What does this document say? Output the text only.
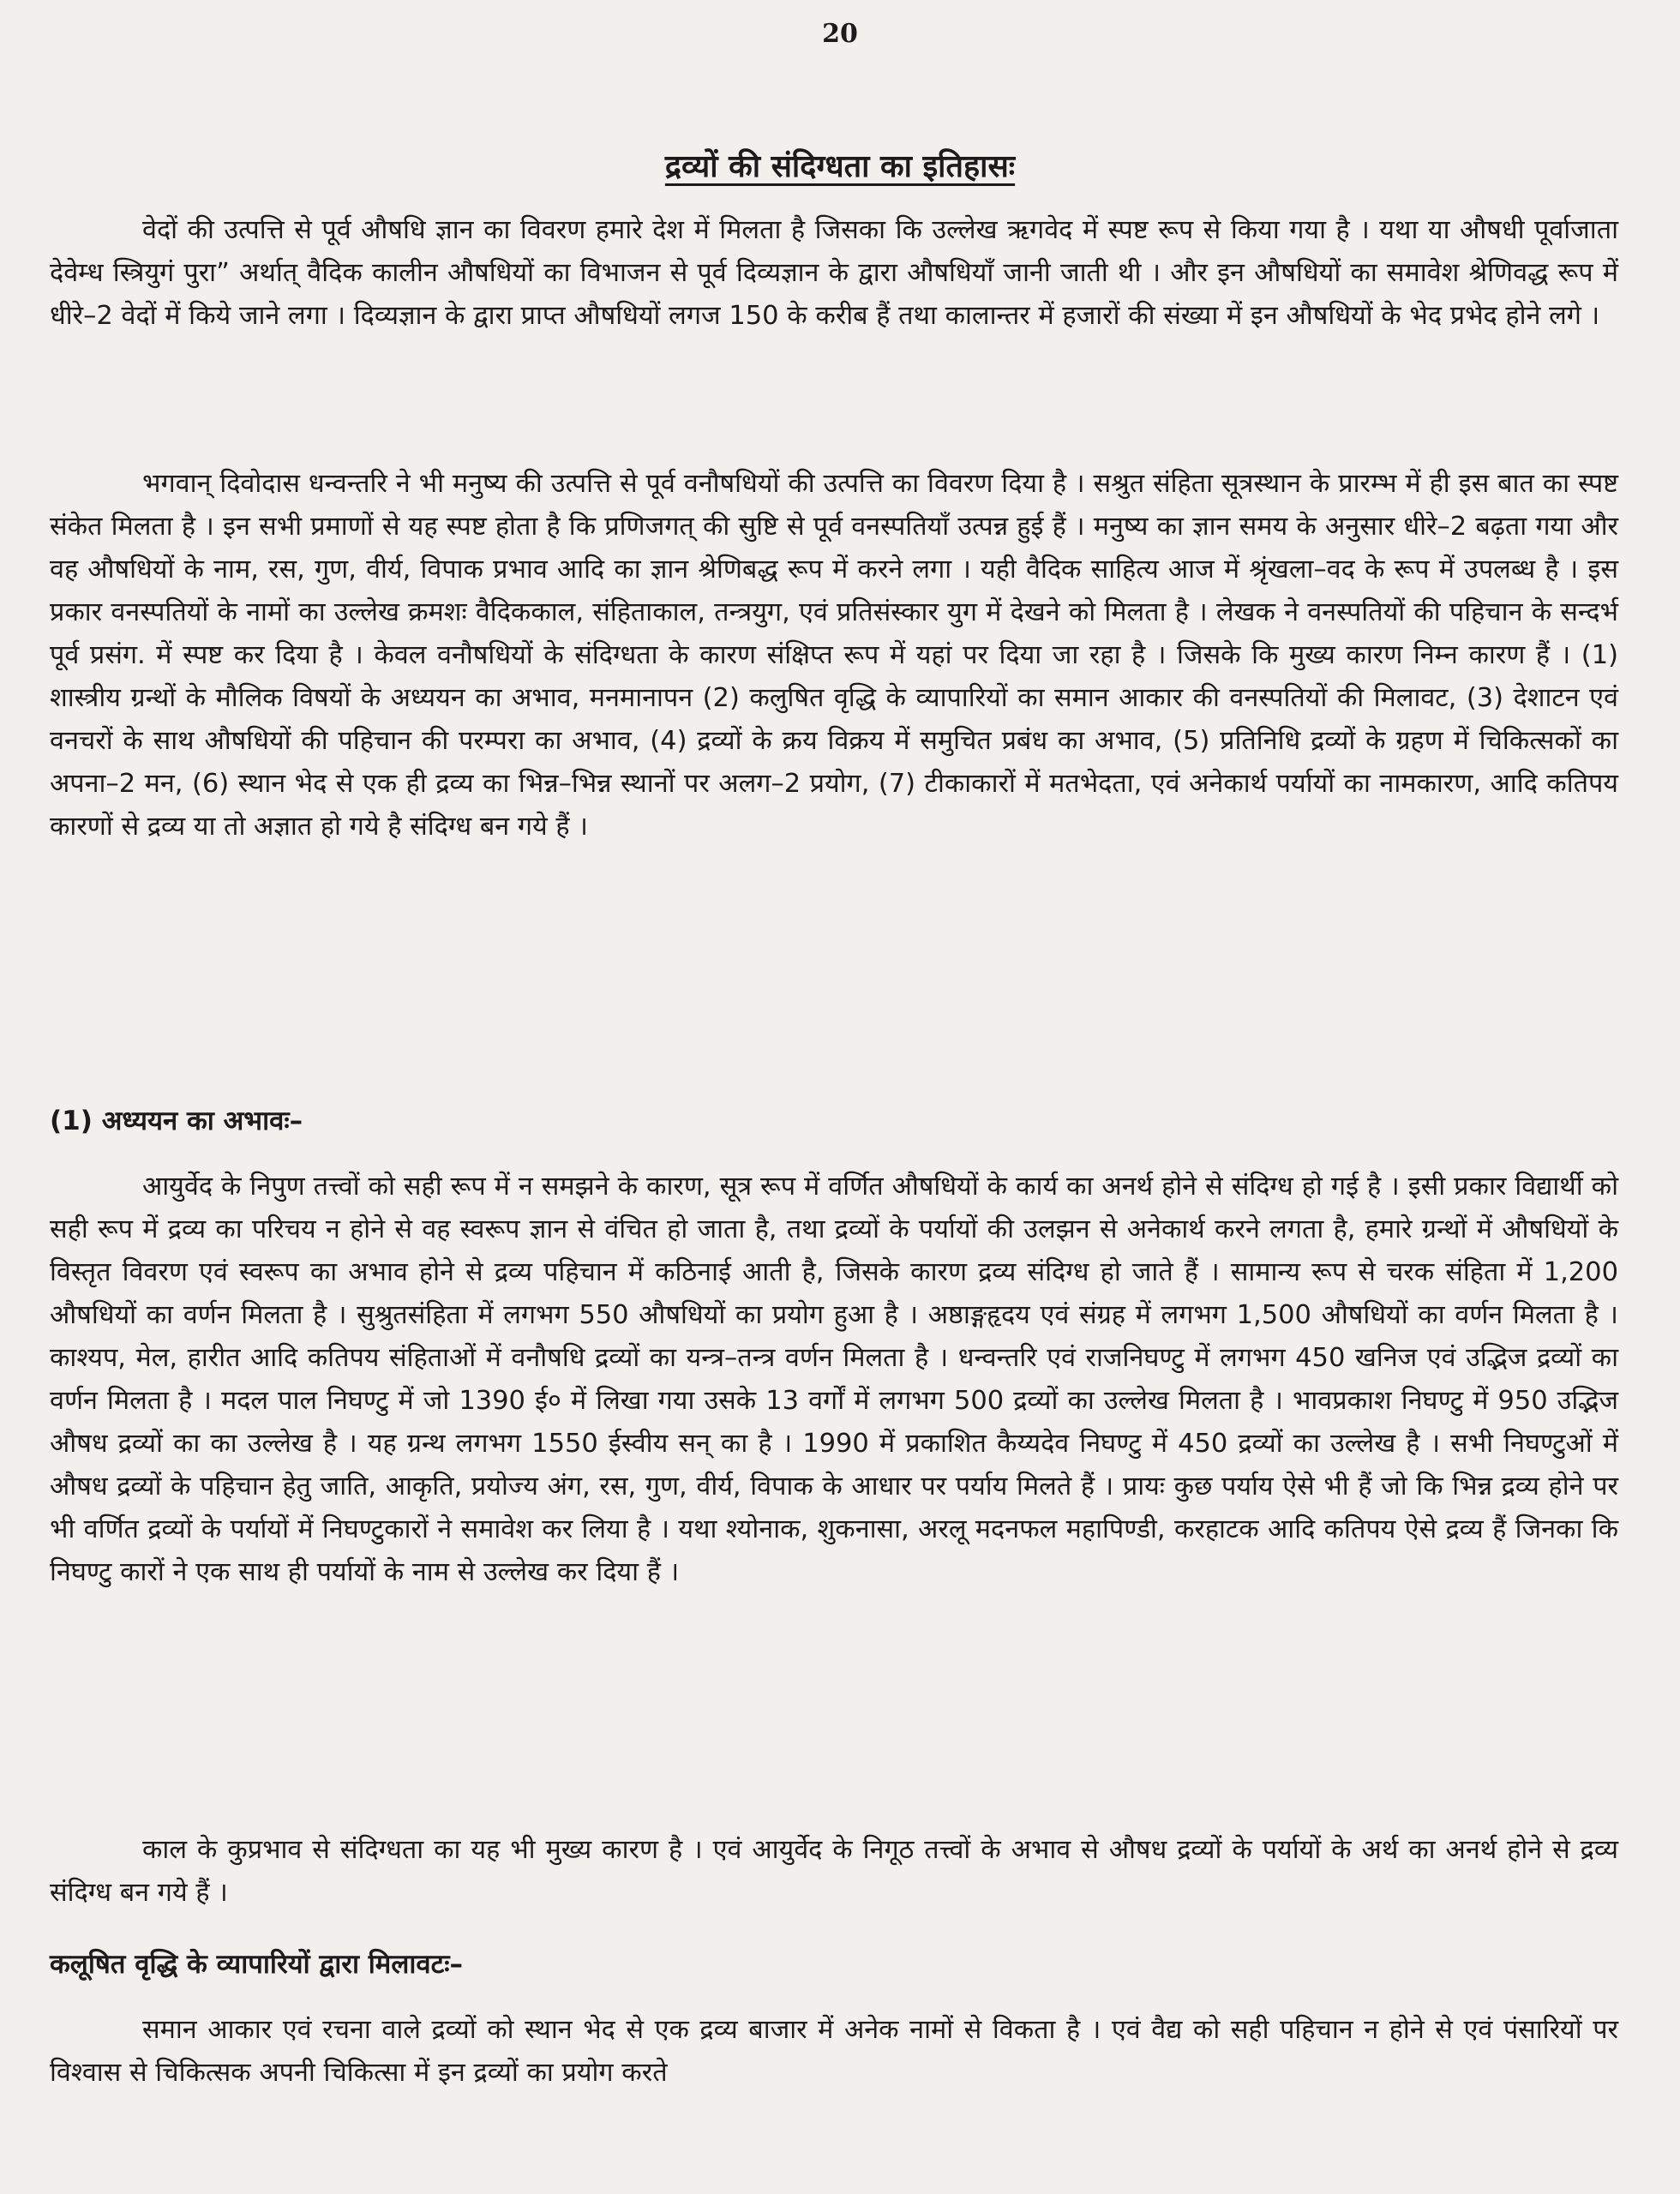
20
द्रव्यों की संदिग्धता का इतिहासः

वेदों की उत्पत्ति से पूर्व औषधि ज्ञान का विवरण हमारे देश में मिलता है जिसका कि उल्लेख ऋगवेद में स्पष्ट रूप से किया गया है । यथा या औषधी पूर्वाजाता देवेम्ध स्त्रियुगं पुरा” अर्थात् वैदिक कालीन औषधियों का विभाजन से पूर्व दिव्यज्ञान के द्वारा औषधियाँ जानी जाती थी । और इन औषधियों का समावेश श्रेणिवद्ध रूप में धीरे–2 वेदों में किये जाने लगा । दिव्यज्ञान के द्वारा प्राप्त औषधियों लगज 150 के करीब हैं तथा कालान्तर में हजारों की संख्या में इन औषधियों के भेद प्रभेद होने लगे ।

भगवान् दिवोदास धन्वन्तरि ने भी मनुष्य की उत्पत्ति से पूर्व वनौषधियों की उत्पत्ति का विवरण दिया है । सश्रुत संहिता सूत्रस्थान के प्रारम्भ में ही इस बात का स्पष्ट संकेत मिलता है । इन सभी प्रमाणों से यह स्पष्ट होता है कि प्रणिजगत् की सुष्टि से पूर्व वनस्पतियाँ उत्पन्न हुई हैं । मनुष्य का ज्ञान समय के अनुसार धीरे–2 बढ़ता गया और वह औषधियों के नाम, रस, गुण, वीर्य, विपाक प्रभाव आदि का ज्ञान श्रेणिबद्ध रूप में करने लगा । यही वैदिक साहित्य आज में श्रृंखला–वद के रूप में उपलब्ध है । इस प्रकार वनस्पतियों के नामों का उल्लेख क्रमशः वैदिककाल, संहिताकाल, तन्त्रयुग, एवं प्रतिसंस्कार युग में देखने को मिलता है । लेखक ने वनस्पतियों की पहिचान के सन्दर्भ पूर्व प्रसंग. में स्पष्ट कर दिया है । केवल वनौषधियों के संदिग्धता के कारण संक्षिप्त रूप में यहां पर दिया जा रहा है । जिसके कि मुख्य कारण निम्न कारण हैं । (1) शास्त्रीय ग्रन्थों के मौलिक विषयों के अध्ययन का अभाव, मनमानापन (2) कलुषित वृद्धि के व्यापारियों का समान आकार की वनस्पतियों की मिलावट, (3) देशाटन एवं वनचरों के साथ औषधियों की पहिचान की परम्परा का अभाव, (4) द्रव्यों के क्रय विक्रय में समुचित प्रबंध का अभाव, (5) प्रतिनिधि द्रव्यों के ग्रहण में चिकित्सकों का अपना–2 मन, (6) स्थान भेद से एक ही द्रव्य का भिन्न–भिन्न स्थानों पर अलग–2 प्रयोग, (7) टीकाकारों में मतभेदता, एवं अनेकार्थ पर्यायों का नामकारण, आदि कतिपय कारणों से द्रव्य या तो अज्ञात हो गये है संदिग्ध बन गये हैं ।

(1) अध्ययन का अभावः–

आयुर्वेद के निपुण तत्त्वों को सही रूप में न समझने के कारण, सूत्र रूप में वर्णित औषधियों के कार्य का अनर्थ होने से संदिग्ध हो गई है । इसी प्रकार विद्यार्थी को सही रूप में द्रव्य का परिचय न होने से वह स्वरूप ज्ञान से वंचित हो जाता है, तथा द्रव्यों के पर्यायों की उलझन से अनेकार्थ करने लगता है, हमारे ग्रन्थों में औषधियों के विस्तृत विवरण एवं स्वरूप का अभाव होने से द्रव्य पहिचान में कठिनाई आती है, जिसके कारण द्रव्य संदिग्ध हो जाते हैं । सामान्य रूप से चरक संहिता में 1,200 औषधियों का वर्णन मिलता है । सुश्रुतसंहिता में लगभग 550 औषधियों का प्रयोग हुआ है । अष्ठाङ्गहृदय एवं संग्रह में लगभग 1,500 औषधियों का वर्णन मिलता है । काश्यप, मेल, हारीत आदि कतिपय संहिताओं में वनौषधि द्रव्यों का यन्त्र–तन्त्र वर्णन मिलता है । धन्वन्तरि एवं राजनिघण्टु में लगभग 450 खनिज एवं उद्भिज द्रव्यों का वर्णन मिलता है । मदल पाल निघण्टु में जो 1390 ई० में लिखा गया उसके 13 वर्गों में लगभग 500 द्रव्यों का उल्लेख मिलता है । भावप्रकाश निघण्टु में 950 उद्भिज औषध द्रव्यों का का उल्लेख है । यह ग्रन्थ लगभग 1550 ईस्वीय सन् का है । 1990 में प्रकाशित कैय्यदेव निघण्टु में 450 द्रव्यों का उल्लेख है । सभी निघण्टुओं में औषध द्रव्यों के पहिचान हेतु जाति, आकृति, प्रयोज्य अंग, रस, गुण, वीर्य, विपाक के आधार पर पर्याय मिलते हैं । प्रायः कुछ पर्याय ऐसे भी हैं जो कि भिन्न द्रव्य होने पर भी वर्णित द्रव्यों के पर्यायों में निघण्टुकारों ने समावेश कर लिया है । यथा श्योनाक, शुकनासा, अरलू मदनफल महापिण्डी, करहाटक आदि कतिपय ऐसे द्रव्य हैं जिनका कि निघण्टु कारों ने एक साथ ही पर्यायों के नाम से उल्लेख कर दिया हैं ।

काल के कुप्रभाव से संदिग्धता का यह भी मुख्य कारण है । एवं आयुर्वेद के निगूठ तत्त्वों के अभाव से औषध द्रव्यों के पर्यायों के अर्थ का अनर्थ होने से द्रव्य संदिग्ध बन गये हैं ।

कलूषित वृद्धि के व्यापारियों द्वारा मिलावटः–

समान आकार एवं रचना वाले द्रव्यों को स्थान भेद से एक द्रव्य बाजार में अनेक नामों से विकता है । एवं वैद्य को सही पहिचान न होने से एवं पंसारियों पर विश्वास से चिकित्सक अपनी चिकित्सा में इन द्रव्यों का प्रयोग करते
